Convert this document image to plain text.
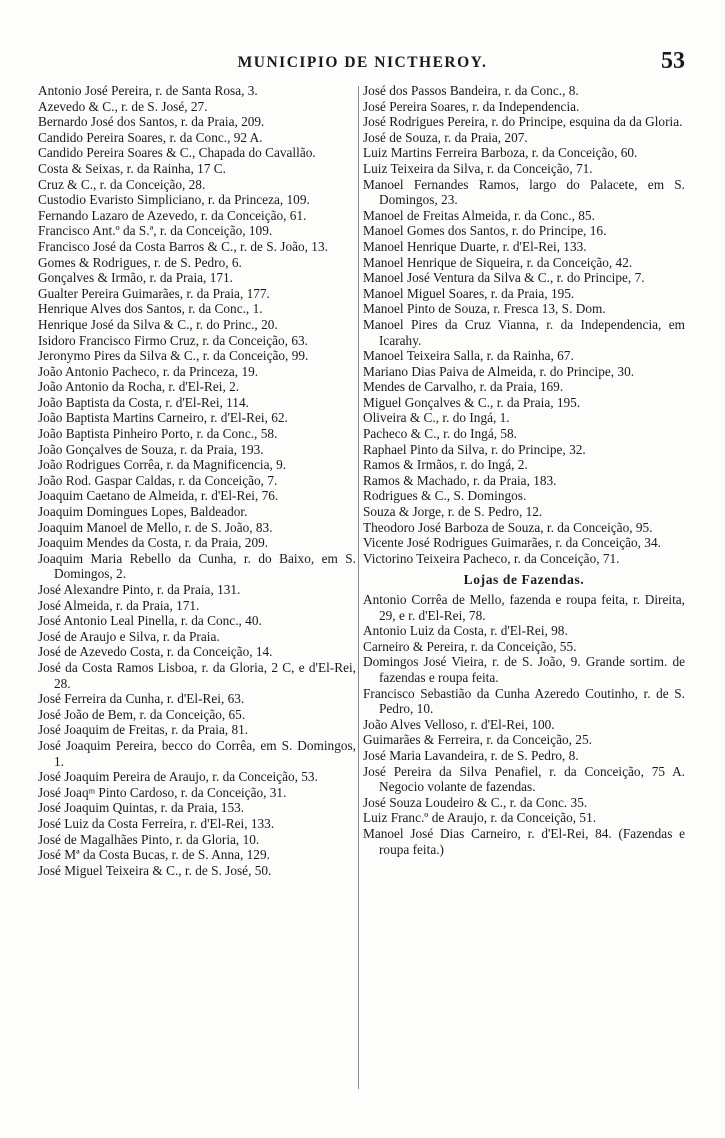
MUNICIPIO DE NICTHEROY.	53
Antonio José Pereira, r. de Santa Rosa, 3.
Azevedo & C., r. de S. José, 27.
Bernardo José dos Santos, r. da Praia, 209.
Candido Pereira Soares, r. da Conc., 92 A.
Candido Pereira Soares & C., Chapada do Cavallão.
Costa & Seixas, r. da Rainha, 17 C.
Cruz & C., r. da Conceição, 28.
Custodio Evaristo Simpliciano, r. da Princeza, 109.
Fernando Lazaro de Azevedo, r. da Conceição, 61.
Francisco Ant.º da S.ª, r. da Conceição, 109.
Francisco José da Costa Barros & C., r. de S. João, 13.
Gomes & Rodrigues, r. de S. Pedro, 6.
Gonçalves & Irmão, r. da Praia, 171.
Gualter Pereira Guimarães, r. da Praia, 177.
Henrique Alves dos Santos, r. da Conc., 1.
Henrique José da Silva & C., r. do Princ., 20.
Isidoro Francisco Firmo Cruz, r. da Conceição, 63.
Jeronymo Pires da Silva & C., r. da Conceição, 99.
João Antonio Pacheco, r. da Princeza, 19.
João Antonio da Rocha, r. d'El-Rei, 2.
João Baptista da Costa, r. d'El-Rei, 114.
João Baptista Martins Carneiro, r. d'El-Rei, 62.
João Baptista Pinheiro Porto, r. da Conc., 58.
João Gonçalves de Souza, r. da Praia, 193.
João Rodrigues Corrêa, r. da Magnificencia, 9.
João Rod. Gaspar Caldas, r. da Conceição, 7.
Joaquim Caetano de Almeida, r. d'El-Rei, 76.
Joaquim Domingues Lopes, Baldeador.
Joaquim Manoel de Mello, r. de S. João, 83.
Joaquim Mendes da Costa, r. da Praia, 209.
Joaquim Maria Rebello da Cunha, r. do Baixo, em S. Domingos, 2.
José Alexandre Pinto, r. da Praia, 131.
José Almeida, r. da Praia, 171.
José Antonio Leal Pinella, r. da Conc., 40.
José de Araujo e Silva, r. da Praia.
José de Azevedo Costa, r. da Conceição, 14.
José da Costa Ramos Lisboa, r. da Gloria, 2 C, e d'El-Rei, 28.
José Ferreira da Cunha, r. d'El-Rei, 63.
José João de Bem, r. da Conceição, 65.
José Joaquim de Freitas, r. da Praia, 81.
José Joaquim Pereira, becco do Corrêa, em S. Domingos, 1.
José Joaquim Pereira de Araujo, r. da Conceição, 53.
José Joaqᵐ Pinto Cardoso, r. da Conceição, 31.
José Joaquim Quintas, r. da Praia, 153.
José Luiz da Costa Ferreira, r. d'El-Rei, 133.
José de Magalhães Pinto, r. da Gloria, 10.
José Mª da Costa Bucas, r. de S. Anna, 129.
José Miguel Teixeira & C., r. de S. José, 50.
José dos Passos Bandeira, r. da Conc., 8.
José Pereira Soares, r. da Independencia.
José Rodrigues Pereira, r. do Principe, esquina da da Gloria.
José de Souza, r. da Praia, 207.
Luiz Martins Ferreira Barboza, r. da Conceição, 60.
Luiz Teixeira da Silva, r. da Conceição, 71.
Manoel Fernandes Ramos, largo do Palacete, em S. Domingos, 23.
Manoel de Freitas Almeida, r. da Conc., 85.
Manoel Gomes dos Santos, r. do Principe, 16.
Manoel Henrique Duarte, r. d'El-Rei, 133.
Manoel Henrique de Siqueira, r. da Conceição, 42.
Manoel José Ventura da Silva & C., r. do Principe, 7.
Manoel Miguel Soares, r. da Praia, 195.
Manoel Pinto de Souza, r. Fresca 13, S. Dom.
Manoel Pires da Cruz Vianna, r. da Independencia, em Icarahy.
Manoel Teixeira Salla, r. da Rainha, 67.
Mariano Dias Paiva de Almeida, r. do Principe, 30.
Mendes de Carvalho, r. da Praia, 169.
Miguel Gonçalves & C., r. da Praia, 195.
Oliveira & C., r. do Ingá, 1.
Pacheco & C., r. do Ingá, 58.
Raphael Pinto da Silva, r. do Principe, 32.
Ramos & Irmãos, r. do Ingá, 2.
Ramos & Machado, r. da Praia, 183.
Rodrigues & C., S. Domingos.
Souza & Jorge, r. de S. Pedro, 12.
Theodoro José Barboza de Souza, r. da Conceição, 95.
Vicente José Rodrigues Guimarães, r. da Conceição, 34.
Victorino Teixeira Pacheco, r. da Conceição, 71.
Lojas de Fazendas.
Antonio Corrêa de Mello, fazenda e roupa feita, r. Direita, 29, e r. d'El-Rei, 78.
Antonio Luiz da Costa, r. d'El-Rei, 98.
Carneiro & Pereira, r. da Conceição, 55.
Domingos José Vieira, r. de S. João, 9. Grande sortim. de fazendas e roupa feita.
Francisco Sebastião da Cunha Azeredo Coutinho, r. de S. Pedro, 10.
João Alves Velloso, r. d'El-Rei, 100.
Guimarães & Ferreira, r. da Conceição, 25.
José Maria Lavandeira, r. de S. Pedro, 8.
José Pereira da Silva Penafiel, r. da Conceição, 75 A. Negocio volante de fazendas.
José Souza Loudeiro & C., r. da Conc. 35.
Luiz Franc.º de Araujo, r. da Conceição, 51.
Manoel José Dias Carneiro, r. d'El-Rei, 84. (Fazendas e roupa feita.)
